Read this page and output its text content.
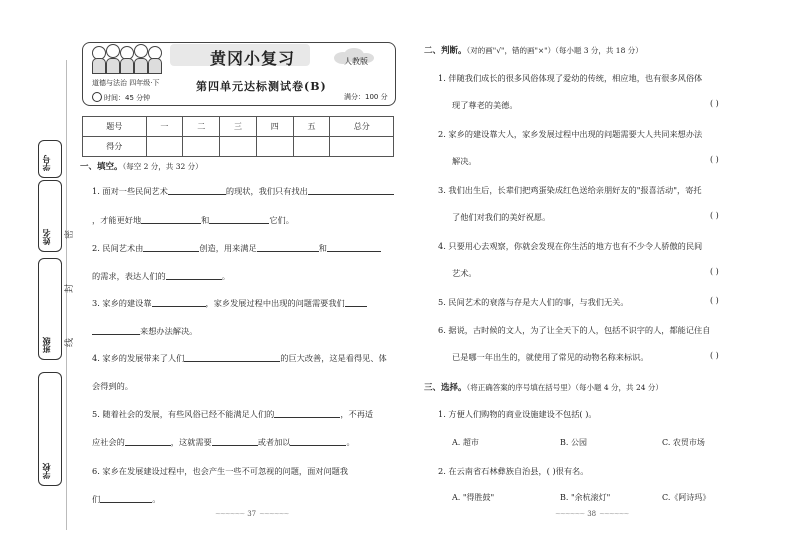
学号
姓名
班级
学校
密
封
线
黄冈小复习
道德与法治 四年级·下
时间：45 分钟
第四单元达标测试卷(B)
人教版
满分：100 分
题号	一	二	三	四	五	总分
得分						
一、填空。（每空 2 分，共 32 分）
1. 面对一些民间艺术	的现状，我们只有找出
，才能更好地	和	它们。
2. 民间艺术由	创造，用来满足	和
的需求，表达人们的	。
3. 家乡的建设靠	，家乡发展过程中出现的问题需要我们
来想办法解决。
4. 家乡的发展带来了人们	的巨大改善，这是看得见、体
会得到的。
5. 随着社会的发展，有些风俗已经不能满足人们的	，不再适
应社会的	，这就需要	或者加以	。
6. 家乡在发展建设过程中，也会产生一些不可忽视的问题，面对问题我
们	。
~~~~~~ 37 ~~~~~~
二、判断。（对的画"√"，错的画"×"）（每小题 3 分，共 18 分）
1. 伴随我们成长的很多风俗体现了爱幼的传统，相应地，也有很多风俗体
现了尊老的美德。	( )
2. 家乡的建设靠大人，家乡发展过程中出现的问题需要大人共同来想办法
解决。	( )
3. 我们出生后，长辈们把鸡蛋染成红色送给亲朋好友的"报喜活动"，寄托
了他们对我们的美好祝愿。	( )
4. 只要用心去观察，你就会发现在你生活的地方也有不少令人骄傲的民间
艺术。	( )
5. 民间艺术的衰落与存是大人们的事，与我们无关。	( )
6. 据说，古时候的文人，为了让全天下的人，包括不识字的人，都能记住自
已是哪一年出生的，就使用了常见的动物名称来标识。	( )
三、选择。（将正确答案的序号填在括号里）（每小题 4 分，共 24 分）
1. 方便人们购物的商业设施建设不包括( )。
A. 超市	B. 公园	C. 农贸市场
2. 在云南省石林彝族自治县，( )很有名。
A. "得胜鼓"	B. "余杭滚灯"	C.《阿诗玛》
~~~~~~ 38 ~~~~~~
